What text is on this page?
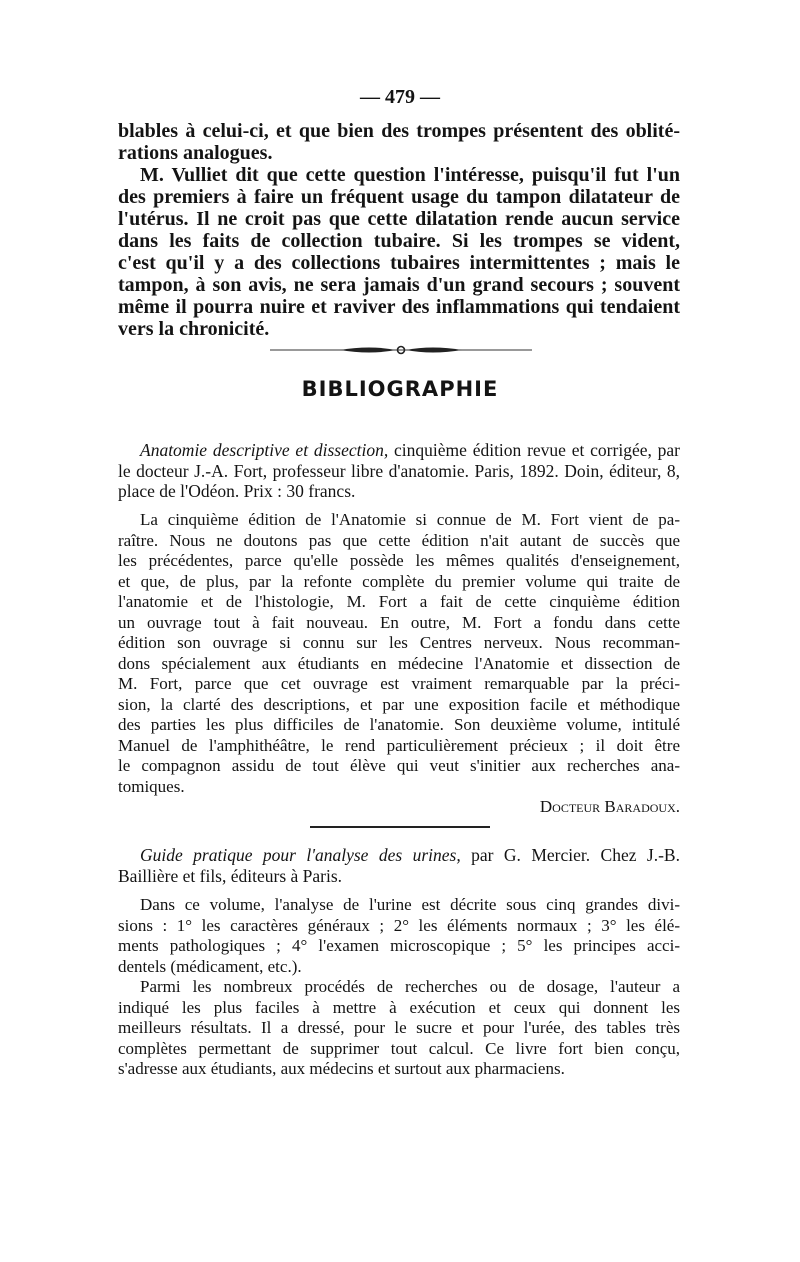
— 479 —

blables à celui-ci, et que bien des trompes présentent des oblité-

rations analogues.

M. Vulliet dit que cette question l'intéresse, puisqu'il fut l'un

des premiers à faire un fréquent usage du tampon dilatateur de

l'utérus. Il ne croit pas que cette dilatation rende aucun service

dans les faits de collection tubaire. Si les trompes se vident,

c'est qu'il y a des collections tubaires intermittentes ; mais le

tampon, à son avis, ne sera jamais d'un grand secours ; souvent

même il pourra nuire et raviver des inflammations qui tendaient

vers la chronicité.

BIBLIOGRAPHIE

Anatomie descriptive et dissection, cinquième édition revue et corrigée, par le docteur J.-A. Fort, professeur libre d'anatomie. Paris, 1892. Doin, éditeur, 8, place de l'Odéon. Prix : 30 francs.

La cinquième édition de l'Anatomie si connue de M. Fort vient de pa-

raître. Nous ne doutons pas que cette édition n'ait autant de succès que

les précédentes, parce qu'elle possède les mêmes qualités d'enseignement,

et que, de plus, par la refonte complète du premier volume qui traite de

l'anatomie et de l'histologie, M. Fort a fait de cette cinquième édition

un ouvrage tout à fait nouveau. En outre, M. Fort a fondu dans cette

édition son ouvrage si connu sur les Centres nerveux. Nous recomman-

dons spécialement aux étudiants en médecine l'Anatomie et dissection de

M. Fort, parce que cet ouvrage est vraiment remarquable par la préci-

sion, la clarté des descriptions, et par une exposition facile et méthodique

des parties les plus difficiles de l'anatomie. Son deuxième volume, intitulé

Manuel de l'amphithéâtre, le rend particulièrement précieux ; il doit être

le compagnon assidu de tout élève qui veut s'initier aux recherches ana-

tomiques.

Docteur Baradoux.

Guide pratique pour l'analyse des urines, par G. Mercier. Chez J.-B. Baillière et fils, éditeurs à Paris.

Dans ce volume, l'analyse de l'urine est décrite sous cinq grandes divi-

sions : 1° les caractères généraux ; 2° les éléments normaux ; 3° les élé-

ments pathologiques ; 4° l'examen microscopique ; 5° les principes acci-

dentels (médicament, etc.).

Parmi les nombreux procédés de recherches ou de dosage, l'auteur a

indiqué les plus faciles à mettre à exécution et ceux qui donnent les

meilleurs résultats. Il a dressé, pour le sucre et pour l'urée, des tables très

complètes permettant de supprimer tout calcul. Ce livre fort bien conçu,

s'adresse aux étudiants, aux médecins et surtout aux pharmaciens.
